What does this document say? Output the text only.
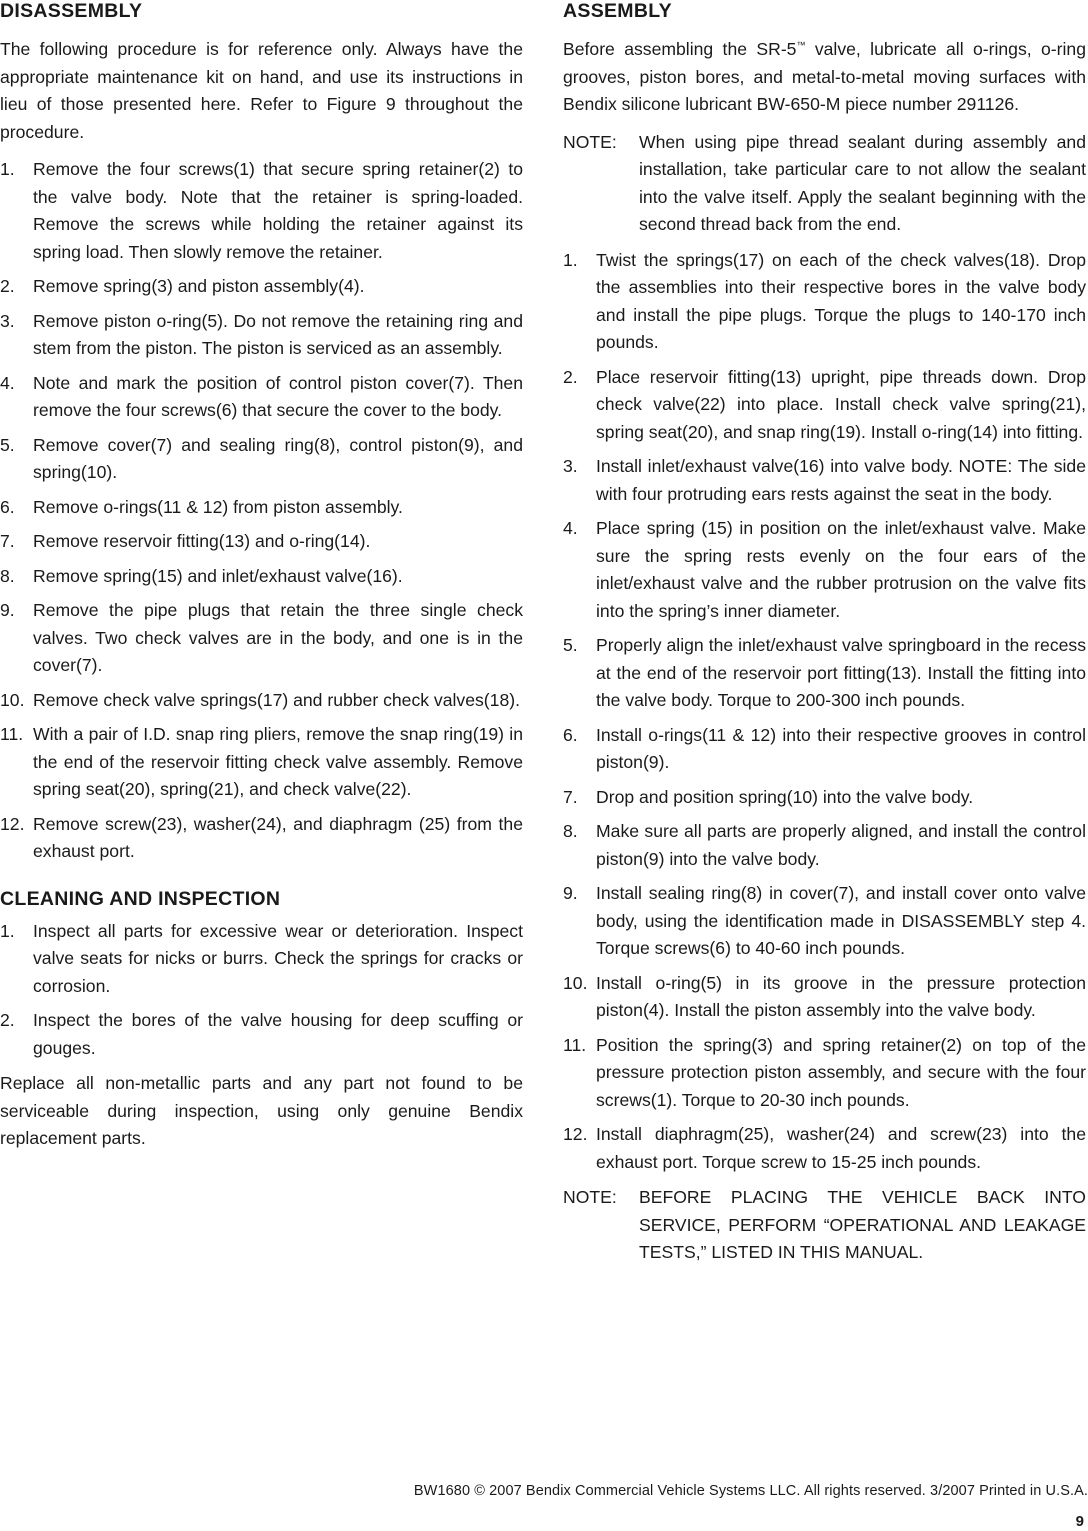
DISASSEMBLY

The following procedure is for reference only. Always have the appropriate maintenance kit on hand, and use its instructions in lieu of those presented here. Refer to Figure 9 throughout the procedure.

1. Remove the four screws(1) that secure spring retainer(2) to the valve body. Note that the retainer is spring-loaded. Remove the screws while holding the retainer against its spring load. Then slowly remove the retainer.
2. Remove spring(3) and piston assembly(4).
3. Remove piston o-ring(5). Do not remove the retaining ring and stem from the piston. The piston is serviced as an assembly.
4. Note and mark the position of control piston cover(7). Then remove the four screws(6) that secure the cover to the body.
5. Remove cover(7) and sealing ring(8), control piston(9), and spring(10).
6. Remove o-rings(11 & 12) from piston assembly.
7. Remove reservoir fitting(13) and o-ring(14).
8. Remove spring(15) and inlet/exhaust valve(16).
9. Remove the pipe plugs that retain the three single check valves. Two check valves are in the body, and one is in the cover(7).
10. Remove check valve springs(17) and rubber check valves(18).
11. With a pair of I.D. snap ring pliers, remove the snap ring(19) in the end of the reservoir fitting check valve assembly. Remove spring seat(20), spring(21), and check valve(22).
12. Remove screw(23), washer(24), and diaphragm (25) from the exhaust port.
CLEANING AND INSPECTION
1. Inspect all parts for excessive wear or deterioration. Inspect valve seats for nicks or burrs. Check the springs for cracks or corrosion.
2. Inspect the bores of the valve housing for deep scuffing or gouges.

Replace all non-metallic parts and any part not found to be serviceable during inspection, using only genuine Bendix replacement parts.

ASSEMBLY

Before assembling the SR-5™ valve, lubricate all o-rings, o-ring grooves, piston bores, and metal-to-metal moving surfaces with Bendix silicone lubricant BW-650-M piece number 291126.

NOTE: When using pipe thread sealant during assembly and installation, take particular care to not allow the sealant into the valve itself. Apply the sealant beginning with the second thread back from the end.
1. Twist the springs(17) on each of the check valves(18). Drop the assemblies into their respective bores in the valve body and install the pipe plugs. Torque the plugs to 140-170 inch pounds.
2. Place reservoir fitting(13) upright, pipe threads down. Drop check valve(22) into place. Install check valve spring(21), spring seat(20), and snap ring(19). Install o-ring(14) into fitting.
3. Install inlet/exhaust valve(16) into valve body. NOTE: The side with four protruding ears rests against the seat in the body.
4. Place spring (15) in position on the inlet/exhaust valve. Make sure the spring rests evenly on the four ears of the inlet/exhaust valve and the rubber protrusion on the valve fits into the spring’s inner diameter.
5. Properly align the inlet/exhaust valve springboard in the recess at the end of the reservoir port fitting(13). Install the fitting into the valve body. Torque to 200-300 inch pounds.
6. Install o-rings(11 & 12) into their respective grooves in control piston(9).
7. Drop and position spring(10) into the valve body.
8. Make sure all parts are properly aligned, and install the control piston(9) into the valve body.
9. Install sealing ring(8) in cover(7), and install cover onto valve body, using the identification made in DISASSEMBLY step 4. Torque screws(6) to 40-60 inch pounds.
10. Install o-ring(5) in its groove in the pressure protection piston(4). Install the piston assembly into the valve body.
11. Position the spring(3) and spring retainer(2) on top of the pressure protection piston assembly, and secure with the four screws(1). Torque to 20-30 inch pounds.
12. Install diaphragm(25), washer(24) and screw(23) into the exhaust port. Torque screw to 15-25 inch pounds.
NOTE: BEFORE PLACING THE VEHICLE BACK INTO SERVICE, PERFORM “OPERATIONAL AND LEAKAGE TESTS,” LISTED IN THIS MANUAL.
BW1680 © 2007 Bendix Commercial Vehicle Systems LLC. All rights reserved. 3/2007 Printed in U.S.A.
9
